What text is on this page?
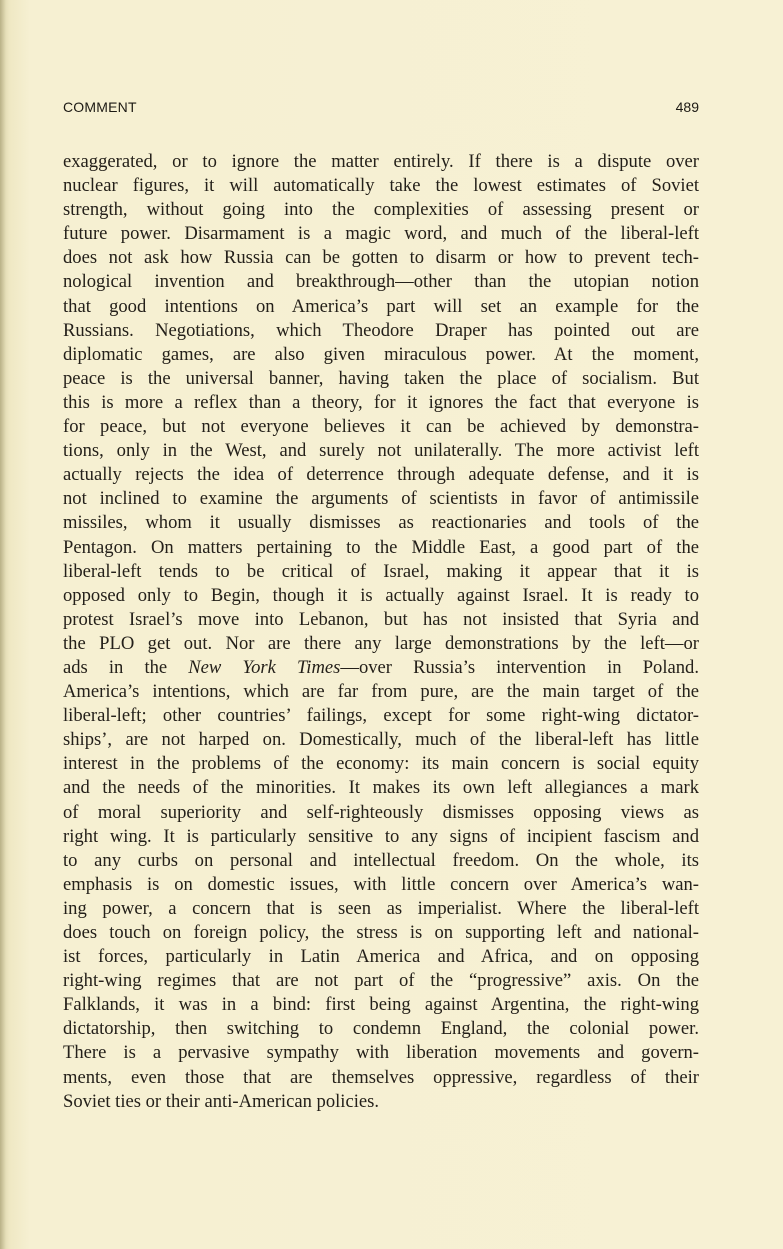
COMMENT	489
exaggerated, or to ignore the matter entirely. If there is a dispute over
nuclear figures, it will automatically take the lowest estimates of Soviet
strength, without going into the complexities of assessing present or
future power. Disarmament is a magic word, and much of the liberal-left
does not ask how Russia can be gotten to disarm or how to prevent tech-
nological invention and breakthrough—other than the utopian notion
that good intentions on America’s part will set an example for the
Russians. Negotiations, which Theodore Draper has pointed out are
diplomatic games, are also given miraculous power. At the moment,
peace is the universal banner, having taken the place of socialism. But
this is more a reflex than a theory, for it ignores the fact that everyone is
for peace, but not everyone believes it can be achieved by demonstra-
tions, only in the West, and surely not unilaterally. The more activist left
actually rejects the idea of deterrence through adequate defense, and it is
not inclined to examine the arguments of scientists in favor of antimissile
missiles, whom it usually dismisses as reactionaries and tools of the
Pentagon. On matters pertaining to the Middle East, a good part of the
liberal-left tends to be critical of Israel, making it appear that it is
opposed only to Begin, though it is actually against Israel. It is ready to
protest Israel’s move into Lebanon, but has not insisted that Syria and
the PLO get out. Nor are there any large demonstrations by the left—or
ads in the New York Times—over Russia’s intervention in Poland.
America’s intentions, which are far from pure, are the main target of the
liberal-left; other countries’ failings, except for some right-wing dictator-
ships’, are not harped on. Domestically, much of the liberal-left has little
interest in the problems of the economy: its main concern is social equity
and the needs of the minorities. It makes its own left allegiances a mark
of moral superiority and self-righteously dismisses opposing views as
right wing. It is particularly sensitive to any signs of incipient fascism and
to any curbs on personal and intellectual freedom. On the whole, its
emphasis is on domestic issues, with little concern over America’s wan-
ing power, a concern that is seen as imperialist. Where the liberal-left
does touch on foreign policy, the stress is on supporting left and national-
ist forces, particularly in Latin America and Africa, and on opposing
right-wing regimes that are not part of the “progressive” axis. On the
Falklands, it was in a bind: first being against Argentina, the right-wing
dictatorship, then switching to condemn England, the colonial power.
There is a pervasive sympathy with liberation movements and govern-
ments, even those that are themselves oppressive, regardless of their
Soviet ties or their anti-American policies.
